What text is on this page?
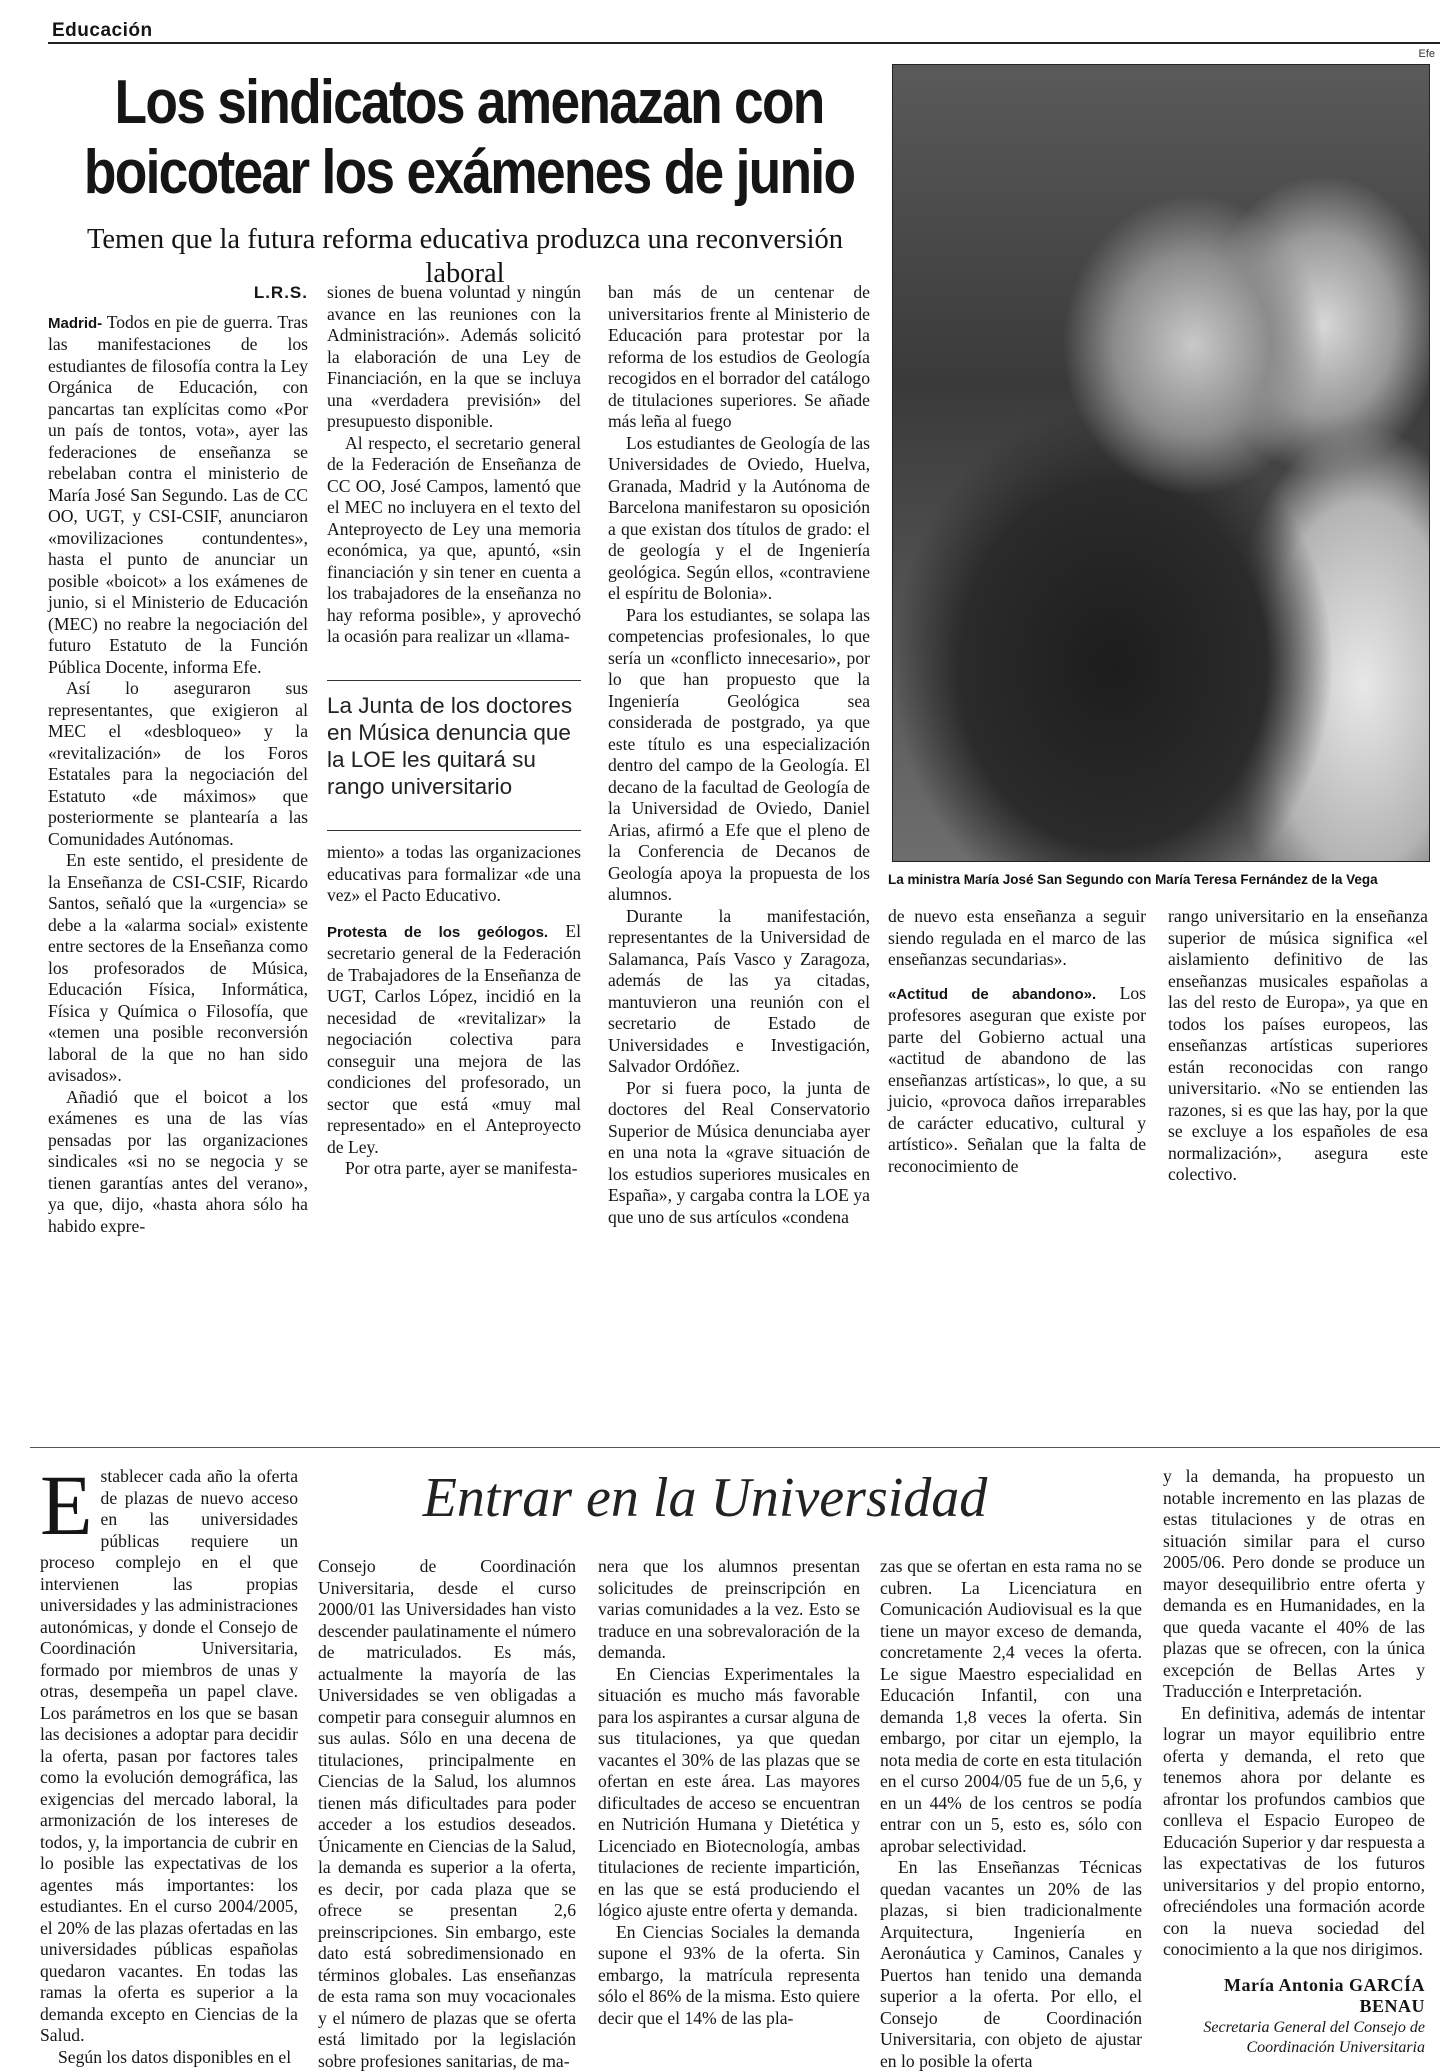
Educación
Efe
Los sindicatos amenazan con boicotear los exámenes de junio
Temen que la futura reforma educativa produzca una reconversión laboral
La ministra María José San Segundo con María Teresa Fernández de la Vega
L.R.S.

Madrid- Todos en pie de guerra. Tras las manifestaciones de los estudiantes de filosofía contra la Ley Orgánica de Educación, con pancartas tan explícitas como «Por un país de tontos, vota», ayer las federaciones de enseñanza se rebelaban contra el ministerio de María José San Segundo. Las de CC OO, UGT, y CSI-CSIF, anunciaron «movilizaciones contundentes», hasta el punto de anunciar un posible «boicot» a los exámenes de junio, si el Ministerio de Educación (MEC) no reabre la negociación del futuro Estatuto de la Función Pública Docente, informa Efe.

Así lo aseguraron sus representantes, que exigieron al MEC el «desbloqueo» y la «revitalización» de los Foros Estatales para la negociación del Estatuto «de máximos» que posteriormente se plantearía a las Comunidades Autónomas.

En este sentido, el presidente de la Enseñanza de CSI-CSIF, Ricardo Santos, señaló que la «urgencia» se debe a la «alarma social» existente entre sectores de la Enseñanza como los profesorados de Música, Educación Física, Informática, Física y Química o Filosofía, que «temen una posible reconversión laboral de la que no han sido avisados».

Añadió que el boicot a los exámenes es una de las vías pensadas por las organizaciones sindicales «si no se negocia y se tienen garantías antes del verano», ya que, dijo, «hasta ahora sólo ha habido expre-

siones de buena voluntad y ningún avance en las reuniones con la Administración». Además solicitó la elaboración de una Ley de Financiación, en la que se incluya una «verdadera previsión» del presupuesto disponible.

Al respecto, el secretario general de la Federación de Enseñanza de CC OO, José Campos, lamentó que el MEC no incluyera en el texto del Anteproyecto de Ley una memoria económica, ya que, apuntó, «sin financiación y sin tener en cuenta a los trabajadores de la enseñanza no hay reforma posible», y aprovechó la ocasión para realizar un «llama-

La Junta de los doctores en Música denuncia que la LOE les quitará su rango universitario

miento» a todas las organizaciones educativas para formalizar «de una vez» el Pacto Educativo.

Protesta de los geólogos. El secretario general de la Federación de Trabajadores de la Enseñanza de UGT, Carlos López, incidió en la necesidad de «revitalizar» la negociación colectiva para conseguir una mejora de las condiciones del profesorado, un sector que está «muy mal representado» en el Anteproyecto de Ley.

Por otra parte, ayer se manifesta-

ban más de un centenar de universitarios frente al Ministerio de Educación para protestar por la reforma de los estudios de Geología recogidos en el borrador del catálogo de titulaciones superiores. Se añade más leña al fuego

Los estudiantes de Geología de las Universidades de Oviedo, Huelva, Granada, Madrid y la Autónoma de Barcelona manifestaron su oposición a que existan dos títulos de grado: el de geología y el de Ingeniería geológica. Según ellos, «contraviene el espíritu de Bolonia».

Para los estudiantes, se solapa las competencias profesionales, lo que sería un «conflicto innecesario», por lo que han propuesto que la Ingeniería Geológica sea considerada de postgrado, ya que este título es una especialización dentro del campo de la Geología. El decano de la facultad de Geología de la Universidad de Oviedo, Daniel Arias, afirmó a Efe que el pleno de la Conferencia de Decanos de Geología apoya la propuesta de los alumnos.

Durante la manifestación, representantes de la Universidad de Salamanca, País Vasco y Zaragoza, además de las ya citadas, mantuvieron una reunión con el secretario de Estado de Universidades e Investigación, Salvador Ordóñez.

Por si fuera poco, la junta de doctores del Real Conservatorio Superior de Música denunciaba ayer en una nota la «grave situación de los estudios superiores musicales en España», y cargaba contra la LOE ya que uno de sus artículos «condena

de nuevo esta enseñanza a seguir siendo regulada en el marco de las enseñanzas secundarias».

«Actitud de abandono». Los profesores aseguran que existe por parte del Gobierno actual una «actitud de abandono de las enseñanzas artísticas», lo que, a su juicio, «provoca daños irreparables de carácter educativo, cultural y artístico». Señalan que la falta de reconocimiento de

rango universitario en la enseñanza superior de música significa «el aislamiento definitivo de las enseñanzas musicales españolas a las del resto de Europa», ya que en todos los países europeos, las enseñanzas artísticas superiores están reconocidas con rango universitario. «No se entienden las razones, si es que las hay, por la que se excluye a los españoles de esa normalización», asegura este colectivo.

Entrar en la Universidad

Establecer cada año la oferta de plazas de nuevo acceso en las universidades públicas requiere un proceso complejo en el que intervienen las propias universidades y las administraciones autonómicas, y donde el Consejo de Coordinación Universitaria, formado por miembros de unas y otras, desempeña un papel clave. Los parámetros en los que se basan las decisiones a adoptar para decidir la oferta, pasan por factores tales como la evolución demográfica, las exigencias del mercado laboral, la armonización de los intereses de todos, y, la importancia de cubrir en lo posible las expectativas de los agentes más importantes: los estudiantes. En el curso 2004/2005, el 20% de las plazas ofertadas en las universidades públicas españolas quedaron vacantes. En todas las ramas la oferta es superior a la demanda excepto en Ciencias de la Salud.

Según los datos disponibles en el

Consejo de Coordinación Universitaria, desde el curso 2000/01 las Universidades han visto descender paulatinamente el número de matriculados. Es más, actualmente la mayoría de las Universidades se ven obligadas a competir para conseguir alumnos en sus aulas. Sólo en una decena de titulaciones, principalmente en Ciencias de la Salud, los alumnos tienen más dificultades para poder acceder a los estudios deseados. Únicamente en Ciencias de la Salud, la demanda es superior a la oferta, es decir, por cada plaza que se ofrece se presentan 2,6 preinscripciones. Sin embargo, este dato está sobredimensionado en términos globales. Las enseñanzas de esta rama son muy vocacionales y el número de plazas que se oferta está limitado por la legislación sobre profesiones sanitarias, de ma-

nera que los alumnos presentan solicitudes de preinscripción en varias comunidades a la vez. Esto se traduce en una sobrevaloración de la demanda.

En Ciencias Experimentales la situación es mucho más favorable para los aspirantes a cursar alguna de sus titulaciones, ya que quedan vacantes el 30% de las plazas que se ofertan en este área. Las mayores dificultades de acceso se encuentran en Nutrición Humana y Dietética y Licenciado en Biotecnología, ambas titulaciones de reciente impartición, en las que se está produciendo el lógico ajuste entre oferta y demanda.

En Ciencias Sociales la demanda supone el 93% de la oferta. Sin embargo, la matrícula representa sólo el 86% de la misma. Esto quiere decir que el 14% de las pla-

zas que se ofertan en esta rama no se cubren. La Licenciatura en Comunicación Audiovisual es la que tiene un mayor exceso de demanda, concretamente 2,4 veces la oferta. Le sigue Maestro especialidad en Educación Infantil, con una demanda 1,8 veces la oferta. Sin embargo, por citar un ejemplo, la nota media de corte en esta titulación en el curso 2004/05 fue de un 5,6, y en un 44% de los centros se podía entrar con un 5, esto es, sólo con aprobar selectividad.

En las Enseñanzas Técnicas quedan vacantes un 20% de las plazas, si bien tradicionalmente Arquitectura, Ingeniería en Aeronáutica y Caminos, Canales y Puertos han tenido una demanda superior a la oferta. Por ello, el Consejo de Coordinación Universitaria, con objeto de ajustar en lo posible la oferta

y la demanda, ha propuesto un notable incremento en las plazas de estas titulaciones y de otras en situación similar para el curso 2005/06. Pero donde se produce un mayor desequilibrio entre oferta y demanda es en Humanidades, en la que queda vacante el 40% de las plazas que se ofrecen, con la única excepción de Bellas Artes y Traducción e Interpretación.

En definitiva, además de intentar lograr un mayor equilibrio entre oferta y demanda, el reto que tenemos ahora por delante es afrontar los profundos cambios que conlleva el Espacio Europeo de Educación Superior y dar respuesta a las expectativas de los futuros universitarios y del propio entorno, ofreciéndoles una formación acorde con la nueva sociedad del conocimiento a la que nos dirigimos.

María Antonia GARCÍA BENAU
Secretaria General del Consejo de Coordinación Universitaria
